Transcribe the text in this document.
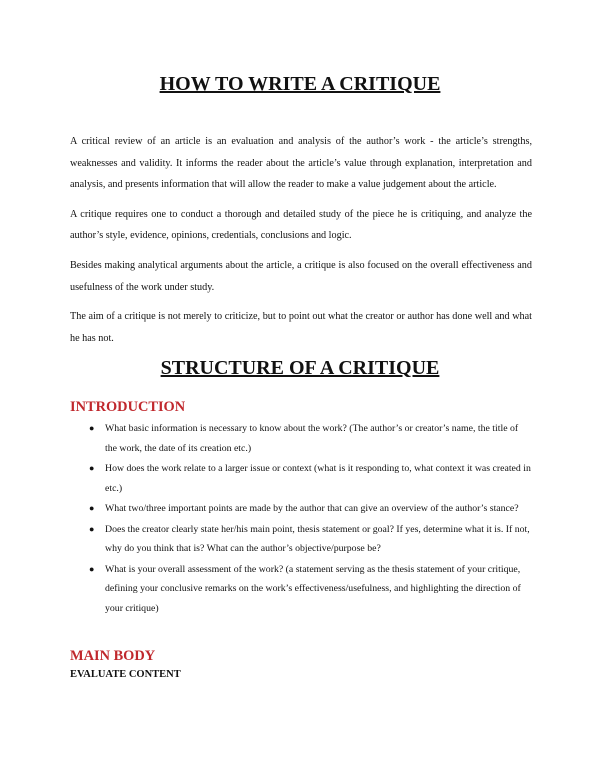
HOW TO WRITE A CRITIQUE

A critical review of an article is an evaluation and analysis of the author’s work - the article’s strengths, weaknesses and validity. It informs the reader about the article’s value through explanation, interpretation and analysis, and presents information that will allow the reader to make a value judgement about the article.

A critique requires one to conduct a thorough and detailed study of the piece he is critiquing, and analyze the author’s style, evidence, opinions, credentials, conclusions and logic.

Besides making analytical arguments about the article, a critique is also focused on the overall effectiveness and usefulness of the work under study.

The aim of a critique is not merely to criticize, but to point out what the creator or author has done well and what he has not.

STRUCTURE OF A CRITIQUE
INTRODUCTION
● What basic information is necessary to know about the work? (The author’s or creator’s name, the title of the work, the date of its creation etc.)
● How does the work relate to a larger issue or context (what is it responding to, what context it was created in etc.)
● What two/three important points are made by the author that can give an overview of the author’s stance?
● Does the creator clearly state her/his main point, thesis statement or goal? If yes, determine what it is. If not, why do you think that is? What can the author’s objective/purpose be?
● What is your overall assessment of the work? (a statement serving as the thesis statement of your critique, defining your conclusive remarks on the work’s effectiveness/usefulness, and highlighting the direction of your critique)
MAIN BODY
EVALUATE CONTENT
